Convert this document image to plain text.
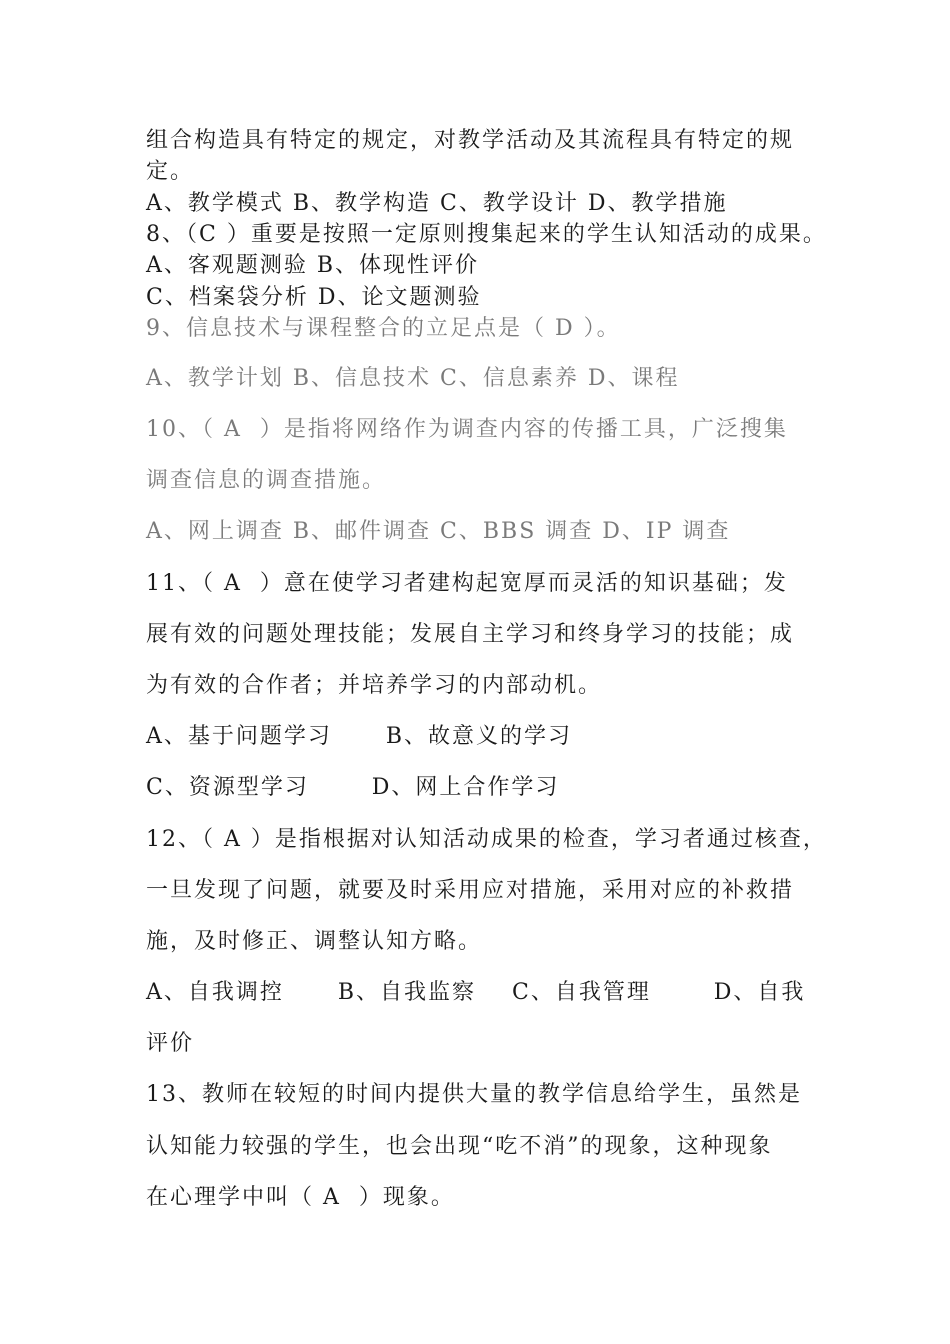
组合构造具有特定的规定，对教学活动及其流程具有特定的规
定。
A、教学模式 B、教学构造 C、教学设计 D、教学措施
8、（C ）重要是按照一定原则搜集起来的学生认知活动的成果。
A、客观题测验 B、体现性评价
C、档案袋分析 D、论文题测验
9、信息技术与课程整合的立足点是（ D ）。
A、教学计划 B、信息技术 C、信息素养 D、课程
10、（ A  ）是指将网络作为调查内容的传播工具，广泛搜集
调查信息的调查措施。
A、网上调查 B、邮件调查 C、BBS 调查 D、IP 调查
11、（ A  ）意在使学习者建构起宽厚而灵活的知识基础；发
展有效的问题处理技能；发展自主学习和终身学习的技能；成
为有效的合作者；并培养学习的内部动机。
A、基于问题学习      B、故意义的学习
C、资源型学习       D、网上合作学习
12、（ A ）是指根据对认知活动成果的检查，学习者通过核查，
一旦发现了问题，就要及时采用应对措施，采用对应的补救措
施，及时修正、调整认知方略。
A、自我调控      B、自我监察    C、自我管理       D、自我
评价
13、教师在较短的时间内提供大量的教学信息给学生，虽然是
认知能力较强的学生，也会出现“吃不消”的现象，这种现象
在心理学中叫（ A  ）现象。
